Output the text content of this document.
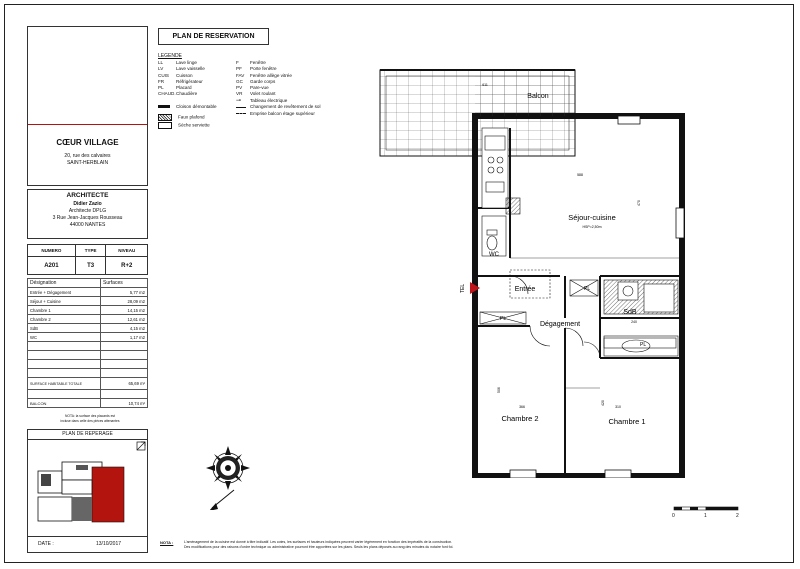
CŒUR VILLAGE
20, rue des calvaires
SAINT-HERBLAIN
ARCHITECTE
Didier Zazio
Architecte DPLG
3 Rue Jean-Jacques Rousseau
44000 NANTES
NUMERO	TYPE	NIVEAU
A201	T3	R+2
Désignation	Surfaces
Entrée + Dégagement	5,77 m2
Séjour + Cuisine	28,09 m2
Chambre 1	14,15 m2
Chambre 2	12,61 m2
SdB	4,15 m2
WC	1,17 m2

SURFACE HABITABLE TOTALE	65,69 m²

BALCON	10,74 m²
NOTA: la surface des placards est incluse dans celle des pièces attenantes
PLAN DE REPERAGE
DATE :	13/10/2017
PLAN DE RESERVATION
LEGENDE
LL	Lave linge
LV	Lave vaisselle
CUIS Cuisson
FR	Réfrigérateur
PL	Placard
CHAUD.Chaudière
F Fenêtre
PF Porte fenêtre
FAV Fenêtre allège vitrée
GC Garde corps
PV Pare-vue
VR Volet roulant
Cloison démontable
Faux plafond
Sèche serviette
⊸ Tableau électrique
Changement de revêtement de sol
Emprise balcon étage supérieur
WC
Entrée
TEL
SdB
240
PL
PL
PL
Dégagement
Séjour-cuisine
HSP=2,50m
Chambre 2	Chambre 1
588
470
366
420
506
310
0	1	2
NOTA :	L'aménagement de la cuisine est donné à titre indicatif. Les cotes, les surfaces et hauteurs indiquées peuvent varier légèrement en fonction des impératifs de la construction.
Des modifications pour des raisons d'ordre technique ou administrative pourront être apportées sur les plans. Seuls les plans déposés au rang des minutes du notaire font foi.
